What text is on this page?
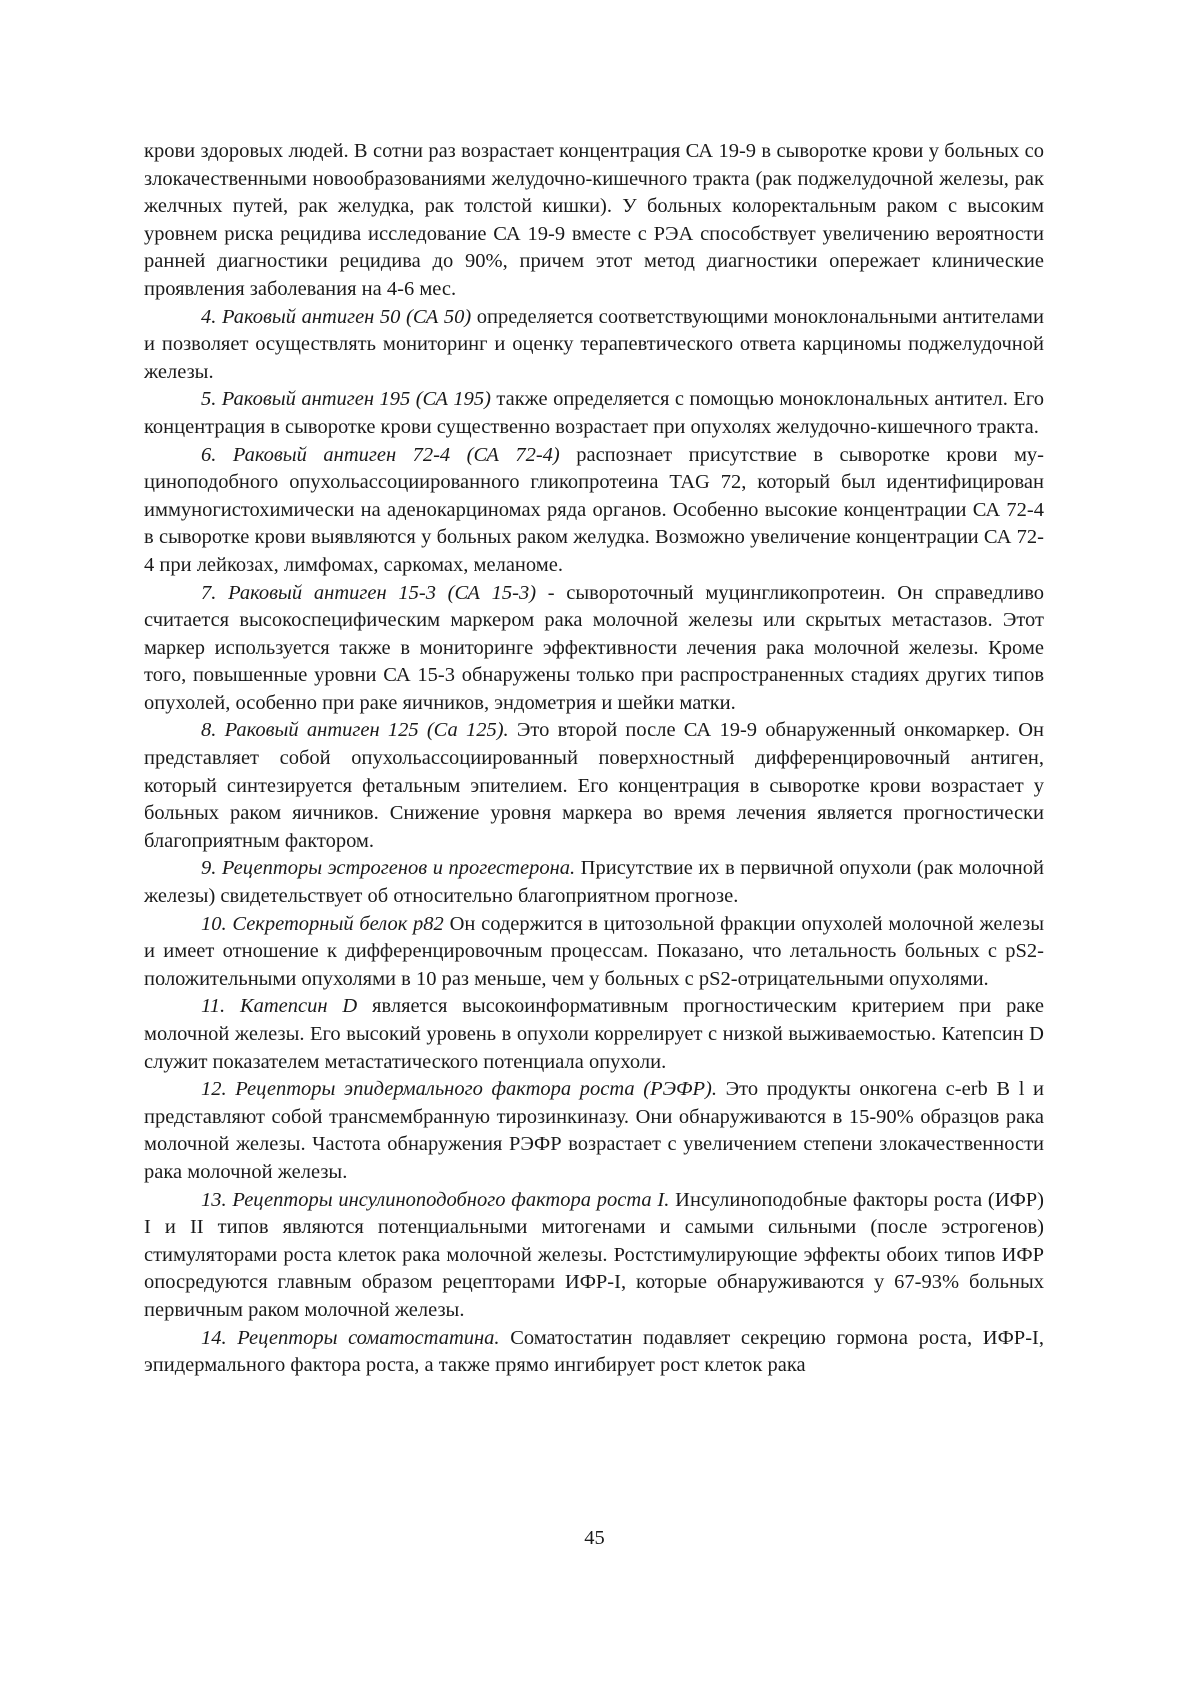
крови здоровых людей. В сотни раз возрастает концентрация СА 19-9 в сыворотке крови у больных со злокачественными новообразованиями желудочно-кишечного тракта (рак поджелудочной железы, рак желчных путей, рак желудка, рак толстой кишки). У больных колоректальным раком с высоким уровнем риска рецидива исследование СА 19-9 вместе с РЭА способствует увеличению вероятности ранней диагностики рецидива до 90%, причем этот метод диагностики опережает клинические проявления заболевания на 4-6 мес.

4. Раковый антиген 50 (СА 50) определяется соответствующими моноклональными антителами и позволяет осуществлять мониторинг и оценку терапевтического ответа карциномы поджелудочной железы.

5. Раковый антиген 195 (СА 195) также определяется с помощью моноклональных антител. Его концентрация в сыворотке крови существенно возрастает при опухолях желудочно-кишечного тракта.

6. Раковый антиген 72-4 (СА 72-4) распознает присутствие в сыворотке крови муциноподобного опухольассоциированного гликопротеина TAG 72, который был идентифицирован иммуногистохимически на аденокарциномах ряда органов. Особенно высокие концентрации СА 72-4 в сыворотке крови выявляются у больных раком желудка. Возможно увеличение концентрации СА 72-4 при лейкозах, лимфомах, саркомах, меланоме.

7. Раковый антиген 15-3 (СА 15-3) - сывороточный муцингликопротеин. Он справедливо считается высокоспецифическим маркером рака молочной железы или скрытых метастазов. Этот маркер используется также в мониторинге эффективности лечения рака молочной железы. Кроме того, повышенные уровни СА 15-3 обнаружены только при распространенных стадиях других типов опухолей, особенно при раке яичников, эндометрия и шейки матки.

8. Раковый антиген 125 (Са 125). Это второй после СА 19-9 обнаруженный онкомаркер. Он представляет собой опухольассоциированный поверхностный дифференцировочный антиген, который синтезируется фетальным эпителием. Его концентрация в сыворотке крови возрастает у больных раком яичников. Снижение уровня маркера во время лечения является прогностически благоприятным фактором.

9. Рецепторы эстрогенов и прогестерона. Присутствие их в первичной опухоли (рак молочной железы) свидетельствует об относительно благоприятном прогнозе.

10. Секреторный белок р82 Он содержится в цитозольной фракции опухолей молочной железы и имеет отношение к дифференцировочным процессам. Показано, что летальность больных с pS2-положительными опухолями в 10 раз меньше, чем у больных с pS2-отрицательными опухолями.

11. Катепсин D является высокоинформативным прогностическим критерием при раке молочной железы. Его высокий уровень в опухоли коррелирует с низкой выживаемостью. Катепсин D служит показателем метастатического потенциала опухоли.

12. Рецепторы эпидермального фактора роста (РЭФР). Это продукты онкогена c-erb В l и представляют собой трансмембранную тирозинкиназу. Они обнаруживаются в 15-90% образцов рака молочной железы. Частота обнаружения РЭФР возрастает с увеличением степени злокачественности рака молочной железы.

13. Рецепторы инсулиноподобного фактора роста I. Инсулиноподобные факторы роста (ИФР) I и II типов являются потенциальными митогенами и самыми сильными (после эстрогенов) стимуляторами роста клеток рака молочной железы. Ростстимулирующие эффекты обоих типов ИФР опосредуются главным образом рецепторами ИФР-I, которые обнаруживаются у 67-93% больных первичным раком молочной железы.

14. Рецепторы соматостатина. Соматостатин подавляет секрецию гормона роста, ИФР-I, эпидермального фактора роста, а также прямо ингибирует рост клеток рака

45
